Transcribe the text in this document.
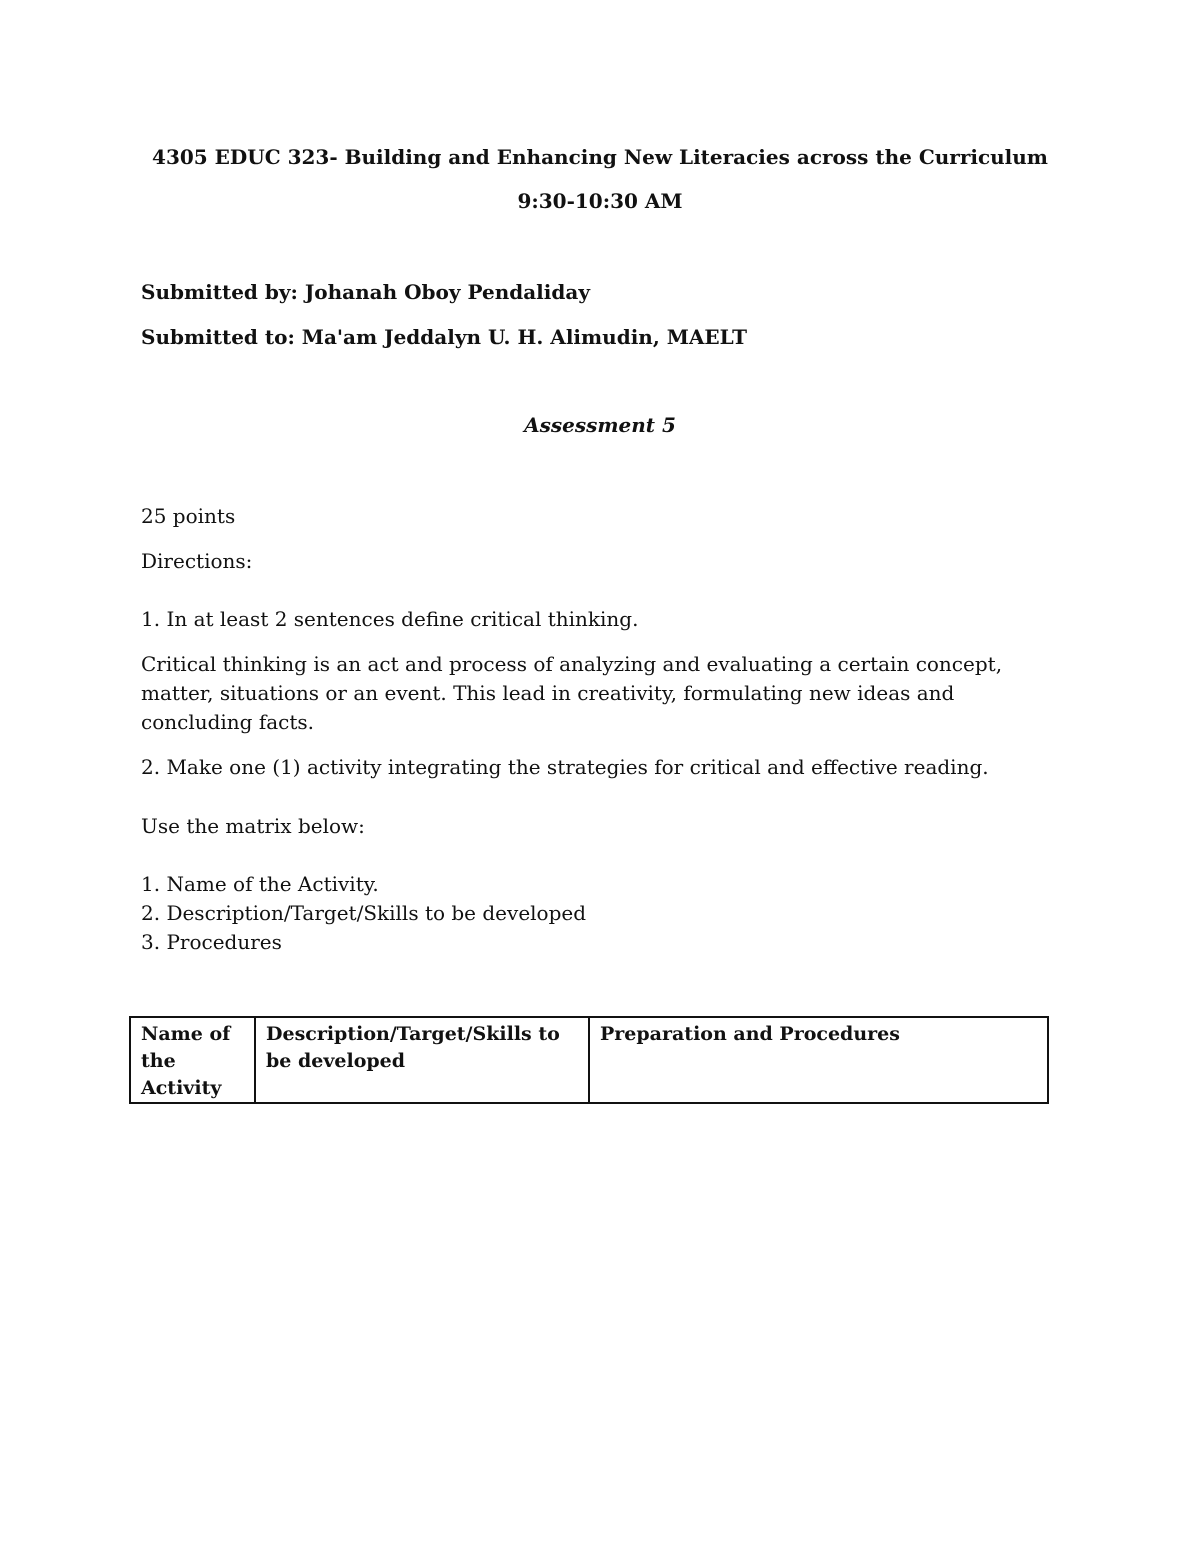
4305 EDUC 323- Building and Enhancing New Literacies across the Curriculum
9:30-10:30 AM
Submitted by: Johanah Oboy Pendaliday
Submitted to: Ma'am Jeddalyn U. H. Alimudin, MAELT
Assessment 5
25 points
Directions:
1. In at least 2 sentences define critical thinking.
Critical thinking is an act and process of analyzing and evaluating a certain concept, matter, situations or an event. This lead in creativity, formulating new ideas and concluding facts.
2. Make one (1) activity integrating the strategies for critical and effective reading.
Use the matrix below:
1. Name of the Activity.
2. Description/Target/Skills to be developed
3. Procedures
Name of the Activity	Description/Target/Skills to be developed	Preparation and Procedures
